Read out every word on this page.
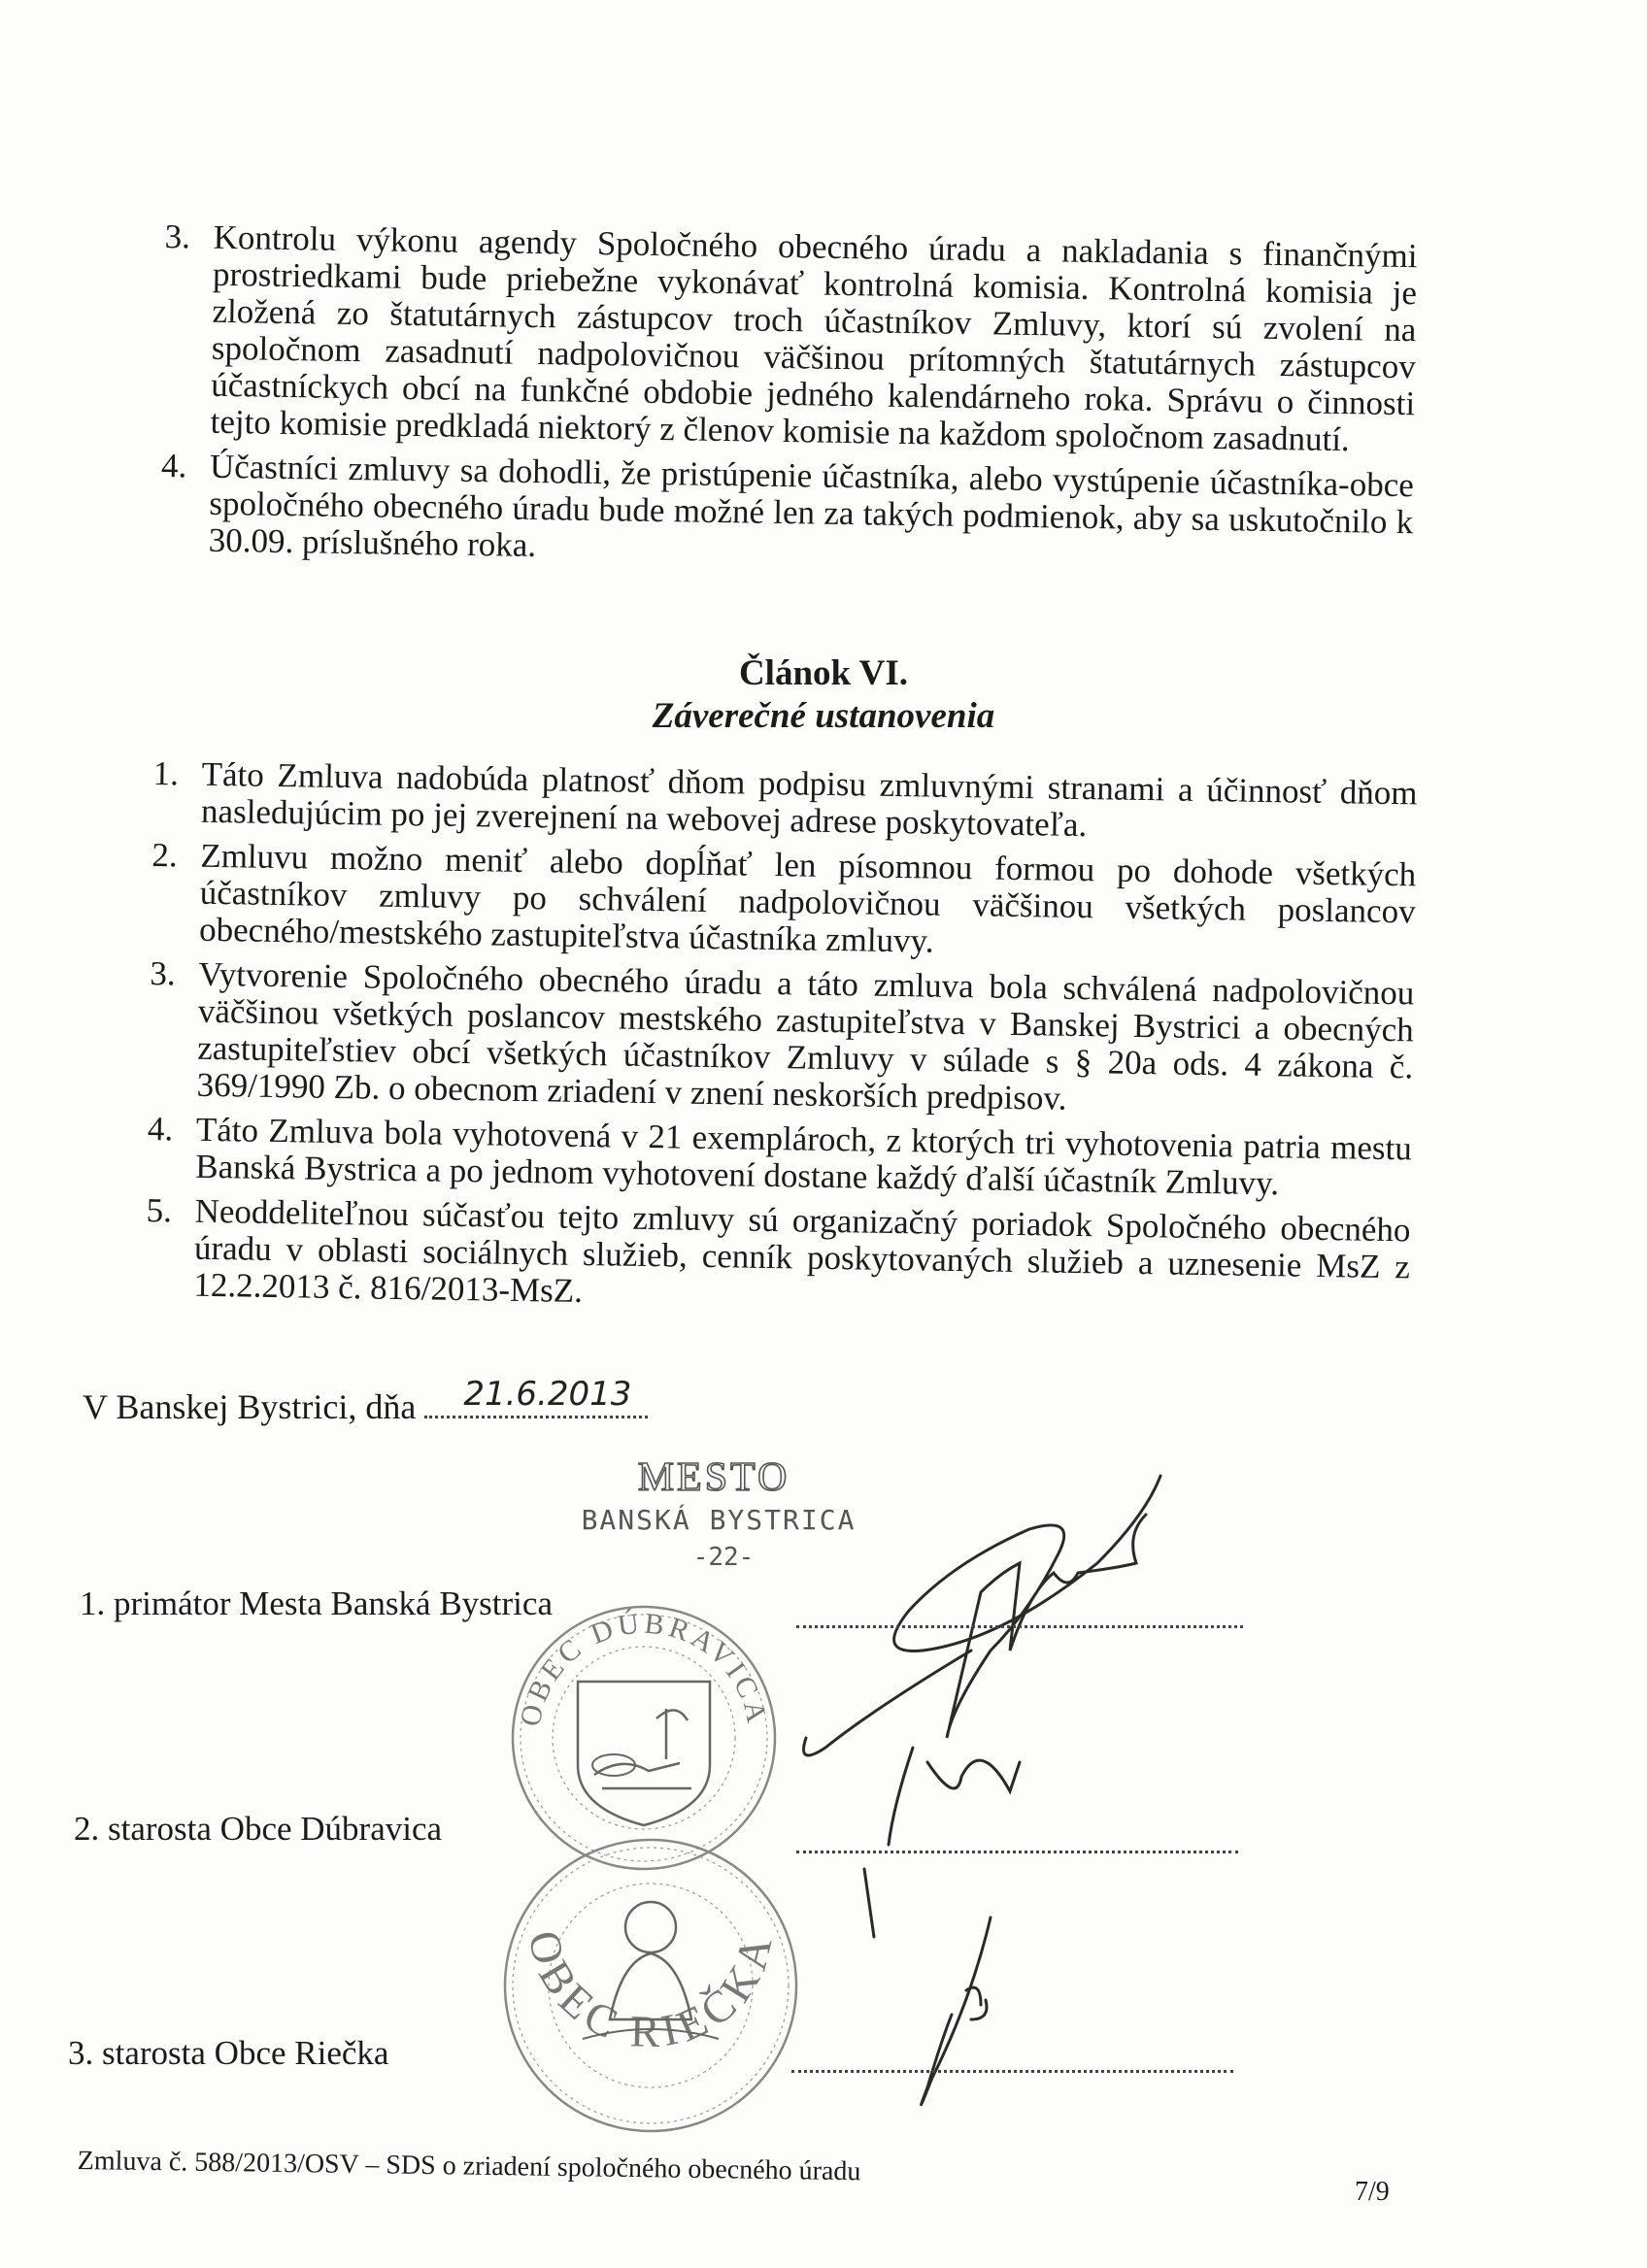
3. Kontrolu výkonu agendy Spoločného obecného úradu a nakladania s finančnými prostriedkami bude priebežne vykonávať kontrolná komisia. Kontrolná komisia je zložená zo štatutárnych zástupcov troch účastníkov Zmluvy, ktorí sú zvolení na spoločnom zasadnutí nadpolovičnou väčšinou prítomných štatutárnych zástupcov účastníckych obcí na funkčné obdobie jedného kalendárneho roka. Správu o činnosti tejto komisie predkladá niektorý z členov komisie na každom spoločnom zasadnutí.
4. Účastníci zmluvy sa dohodli, že pristúpenie účastníka, alebo vystúpenie účastníka-obce spoločného obecného úradu bude možné len za takých podmienok, aby sa uskutočnilo k 30.09. príslušného roka.
Článok VI.
Záverečné ustanovenia
1. Táto Zmluva nadobúda platnosť dňom podpisu zmluvnými stranami a účinnosť dňom nasledujúcim po jej zverejnení na webovej adrese poskytovateľa.
2. Zmluvu možno meniť alebo dopĺňať len písomnou formou po dohode všetkých účastníkov zmluvy po schválení nadpolovičnou väčšinou všetkých poslancov obecného/mestského zastupiteľstva účastníka zmluvy.
3. Vytvorenie Spoločného obecného úradu a táto zmluva bola schválená nadpolovičnou väčšinou všetkých poslancov mestského zastupiteľstva v Banskej Bystrici a obecných zastupiteľstiev obcí všetkých účastníkov Zmluvy v súlade s § 20a ods. 4 zákona č. 369/1990 Zb. o obecnom zriadení v znení neskorších predpisov.
4. Táto Zmluva bola vyhotovená v 21 exemplároch, z ktorých tri vyhotovenia patria mestu Banská Bystrica a po jednom vyhotovení dostane každý ďalší účastník Zmluvy.
5. Neoddeliteľnou súčasťou tejto zmluvy sú organizačný poriadok Spoločného obecného úradu v oblasti sociálnych služieb, cenník poskytovaných služieb a uznesenie MsZ z 12.2.2013 č. 816/2013-MsZ.
V Banskej Bystrici, dňa 21.6.2013
MESTO
BANSKÁ BYSTRICA
-22-
OBEC DÚBRAVICA
OBEC RIEČKA
1. primátor Mesta Banská Bystrica
2. starosta Obce Dúbravica
3. starosta Obce Riečka
Zmluva č. 588/2013/OSV – SDS o zriadení spoločného obecného úradu
7/9
